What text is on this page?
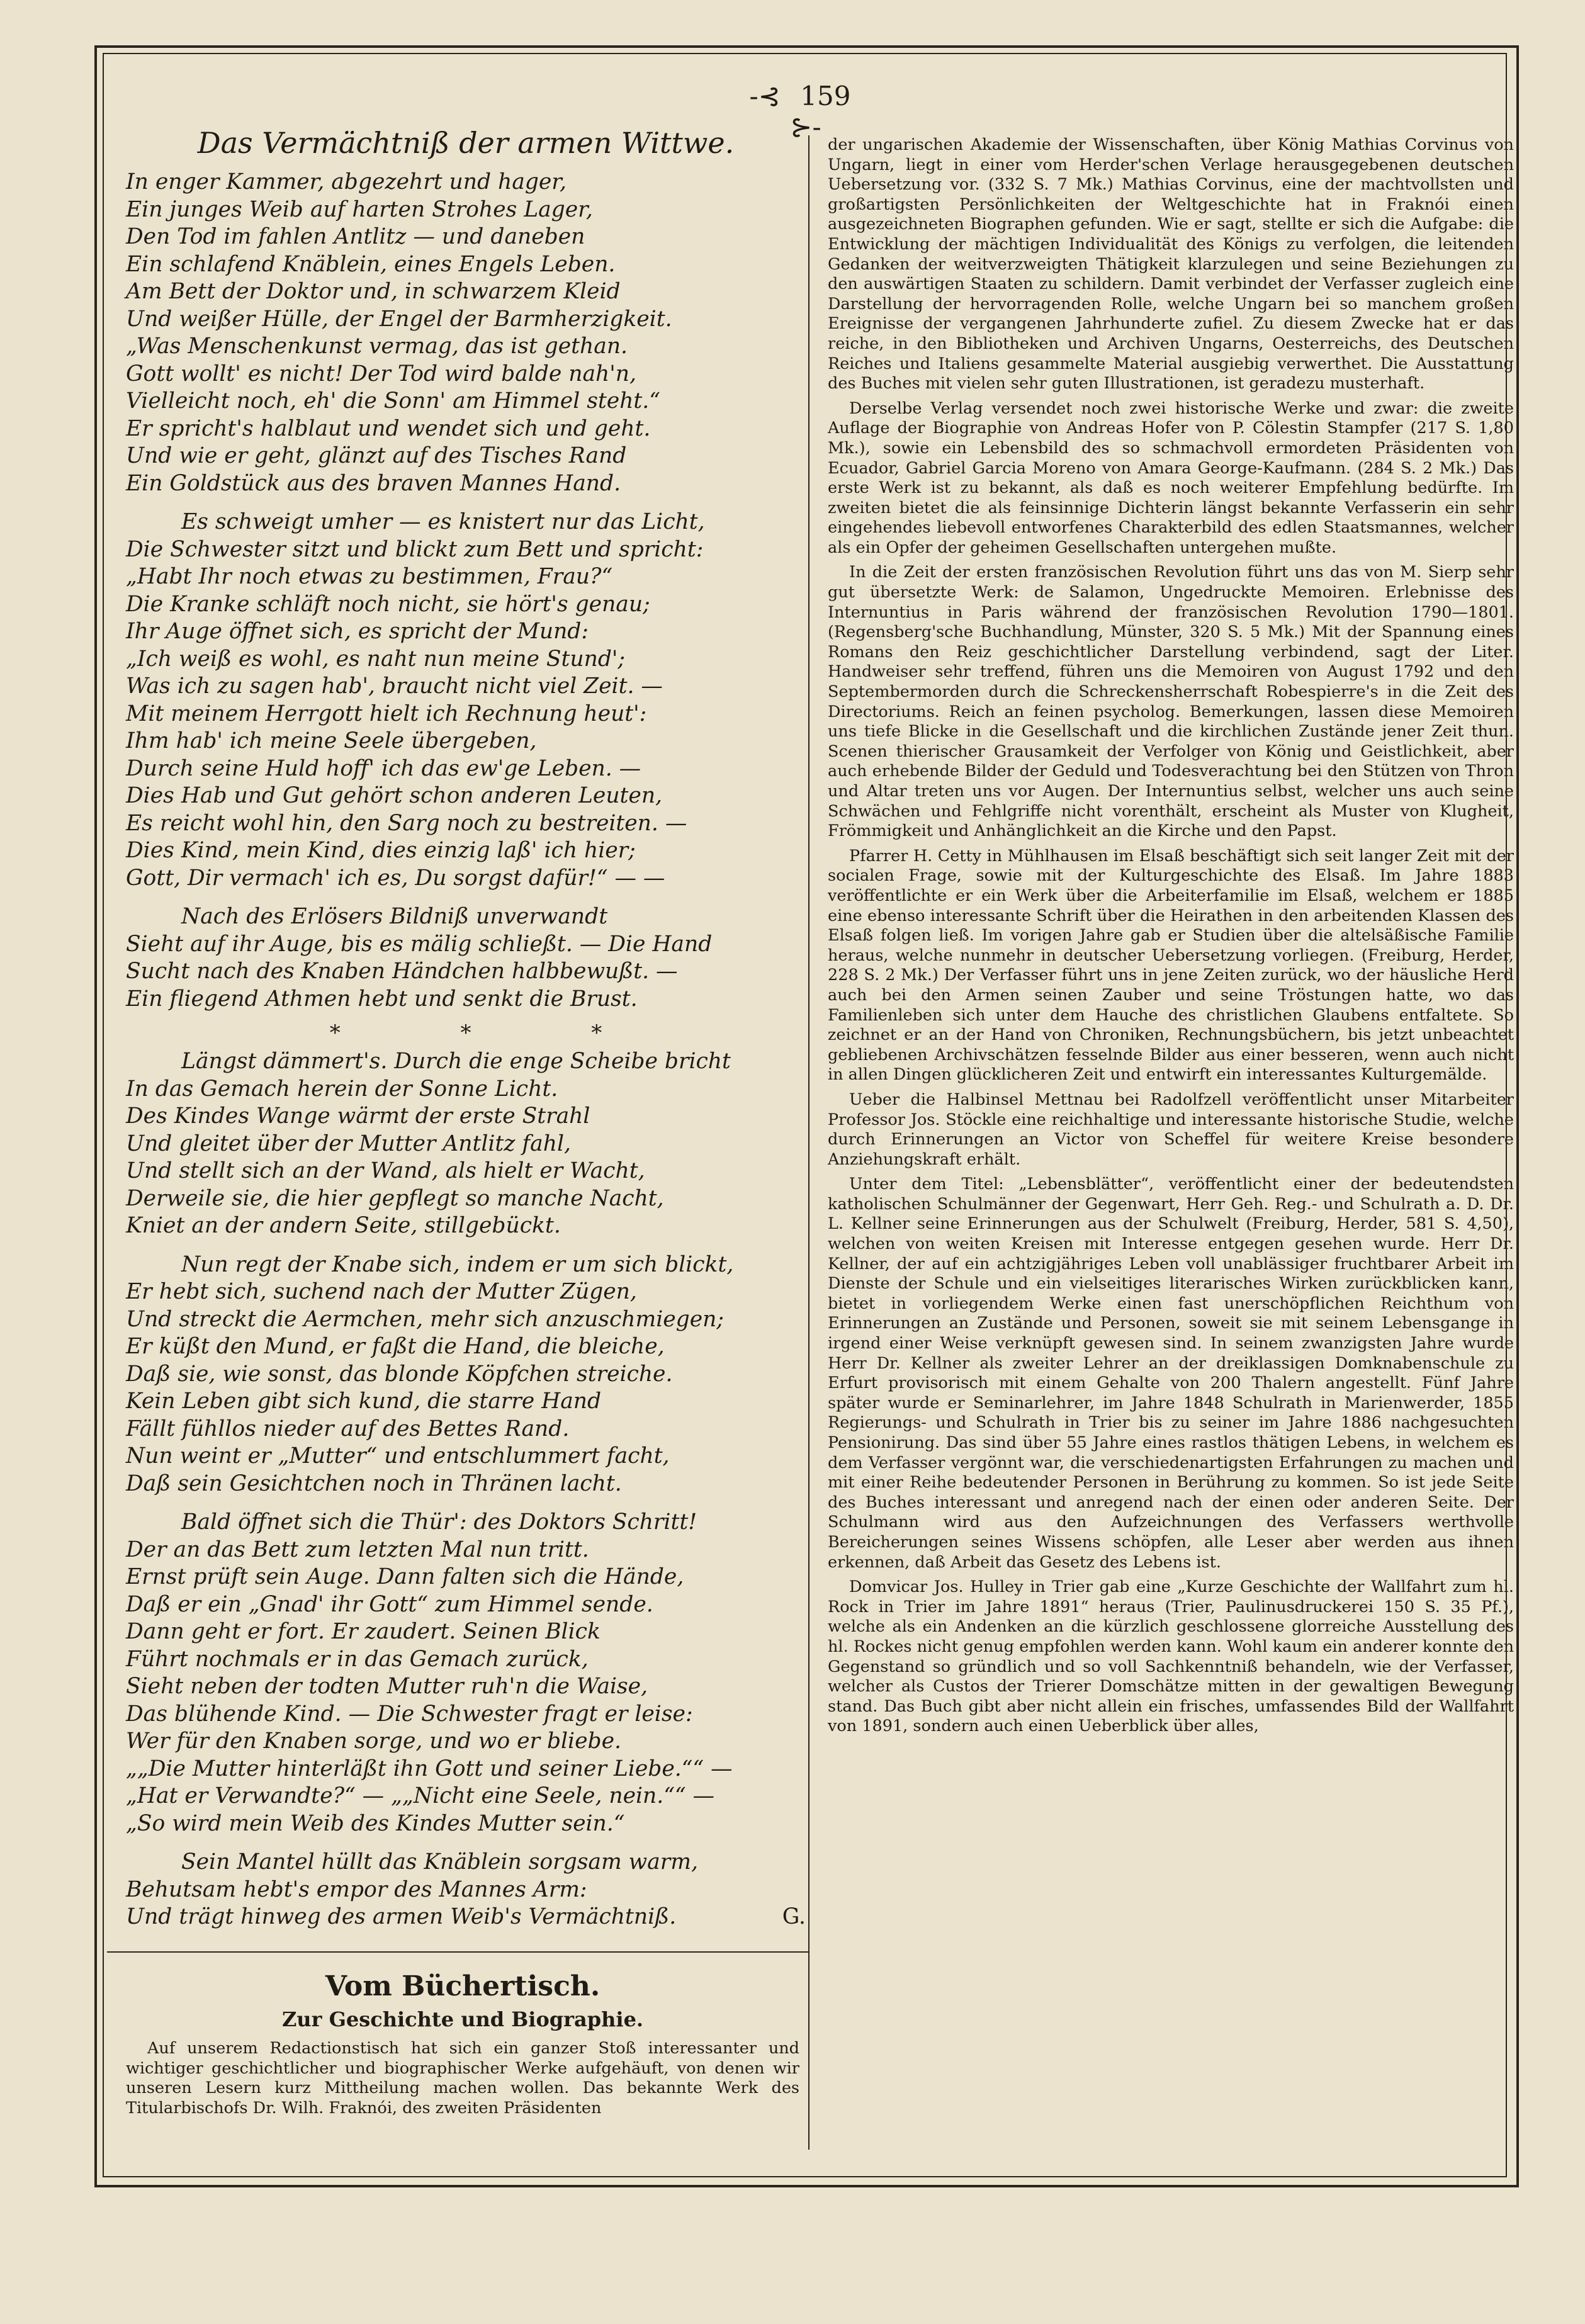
-⊰ 159 ⊱-
Das Vermächtniß der armen Wittwe.
In enger Kammer, abgezehrt und hager,
Ein junges Weib auf harten Strohes Lager,
Den Tod im fahlen Antlitz — und daneben
Ein schlafend Knäblein, eines Engels Leben.
Am Bett der Doktor und, in schwarzem Kleid
Und weißer Hülle, der Engel der Barmherzigkeit.
„Was Menschenkunst vermag, das ist gethan.
Gott wollt' es nicht! Der Tod wird balde nah'n,
Vielleicht noch, eh' die Sonn' am Himmel steht.“
Er spricht's halblaut und wendet sich und geht.
Und wie er geht, glänzt auf des Tisches Rand
Ein Goldstück aus des braven Mannes Hand.
Es schweigt umher — es knistert nur das Licht,
Die Schwester sitzt und blickt zum Bett und spricht:
„Habt Ihr noch etwas zu bestimmen, Frau?“
Die Kranke schläft noch nicht, sie hört's genau;
Ihr Auge öffnet sich, es spricht der Mund:
„Ich weiß es wohl, es naht nun meine Stund';
Was ich zu sagen hab', braucht nicht viel Zeit. —
Mit meinem Herrgott hielt ich Rechnung heut':
Ihm hab' ich meine Seele übergeben,
Durch seine Huld hoff' ich das ew'ge Leben. —
Dies Hab und Gut gehört schon anderen Leuten,
Es reicht wohl hin, den Sarg noch zu bestreiten. —
Dies Kind, mein Kind, dies einzig laß' ich hier;
Gott, Dir vermach' ich es, Du sorgst dafür!“ — —
Nach des Erlösers Bildniß unverwandt
Sieht auf ihr Auge, bis es mälig schließt. — Die Hand
Sucht nach des Knaben Händchen halbbewußt. —
Ein fliegend Athmen hebt und senkt die Brust.
* * *
Längst dämmert's. Durch die enge Scheibe bricht
In das Gemach herein der Sonne Licht.
Des Kindes Wange wärmt der erste Strahl
Und gleitet über der Mutter Antlitz fahl,
Und stellt sich an der Wand, als hielt er Wacht,
Derweile sie, die hier gepflegt so manche Nacht,
Kniet an der andern Seite, stillgebückt.
Nun regt der Knabe sich, indem er um sich blickt,
Er hebt sich, suchend nach der Mutter Zügen,
Und streckt die Aermchen, mehr sich anzuschmiegen;
Er küßt den Mund, er faßt die Hand, die bleiche,
Daß sie, wie sonst, das blonde Köpfchen streiche.
Kein Leben gibt sich kund, die starre Hand
Fällt fühllos nieder auf des Bettes Rand.
Nun weint er „Mutter“ und entschlummert facht,
Daß sein Gesichtchen noch in Thränen lacht.
Bald öffnet sich die Thür': des Doktors Schritt!
Der an das Bett zum letzten Mal nun tritt.
Ernst prüft sein Auge. Dann falten sich die Hände,
Daß er ein „Gnad' ihr Gott“ zum Himmel sende.
Dann geht er fort. Er zaudert. Seinen Blick
Führt nochmals er in das Gemach zurück,
Sieht neben der todten Mutter ruh'n die Waise,
Das blühende Kind. — Die Schwester fragt er leise:
Wer für den Knaben sorge, und wo er bliebe.
„„Die Mutter hinterläßt ihn Gott und seiner Liebe.““ —
„Hat er Verwandte?“ — „„Nicht eine Seele, nein.““ —
„So wird mein Weib des Kindes Mutter sein.“
Sein Mantel hüllt das Knäblein sorgsam warm,
Behutsam hebt's empor des Mannes Arm:
Und trägt hinweg des armen Weib's Vermächtniß.	G.
Vom Büchertisch.
Zur Geschichte und Biographie.

Auf unserem Redactionstisch hat sich ein ganzer Stoß interessanter und wichtiger geschichtlicher und biographischer Werke aufgehäuft, von denen wir unseren Lesern kurz Mittheilung machen wollen. Das bekannte Werk des Titularbischofs Dr. Wilh. Fraknói, des zweiten Präsidenten

der ungarischen Akademie der Wissenschaften, über König Mathias Corvinus von Ungarn, liegt in einer vom Herder'schen Verlage herausgegebenen deutschen Uebersetzung vor. (332 S. 7 Mk.) Mathias Corvinus, eine der machtvollsten und großartigsten Persönlichkeiten der Weltgeschichte hat in Fraknói einen ausgezeichneten Biographen gefunden. Wie er sagt, stellte er sich die Aufgabe: die Entwicklung der mächtigen Individualität des Königs zu verfolgen, die leitenden Gedanken der weitverzweigten Thätigkeit klarzulegen und seine Beziehungen zu den auswärtigen Staaten zu schildern. Damit verbindet der Verfasser zugleich eine Darstellung der hervorragenden Rolle, welche Ungarn bei so manchem großen Ereignisse der vergangenen Jahrhunderte zufiel. Zu diesem Zwecke hat er das reiche, in den Bibliotheken und Archiven Ungarns, Oesterreichs, des Deutschen Reiches und Italiens gesammelte Material ausgiebig verwerthet. Die Ausstattung des Buches mit vielen sehr guten Illustrationen, ist geradezu musterhaft.

Derselbe Verlag versendet noch zwei historische Werke und zwar: die zweite Auflage der Biographie von Andreas Hofer von P. Cölestin Stampfer (217 S. 1,80 Mk.), sowie ein Lebensbild des so schmachvoll ermordeten Präsidenten von Ecuador, Gabriel Garcia Moreno von Amara George-Kaufmann. (284 S. 2 Mk.) Das erste Werk ist zu bekannt, als daß es noch weiterer Empfehlung bedürfte. Im zweiten bietet die als feinsinnige Dichterin längst bekannte Verfasserin ein sehr eingehendes liebevoll entworfenes Charakterbild des edlen Staatsmannes, welcher als ein Opfer der geheimen Gesellschaften untergehen mußte.

In die Zeit der ersten französischen Revolution führt uns das von M. Sierp sehr gut übersetzte Werk: de Salamon, Ungedruckte Memoiren. Erlebnisse des Internuntius in Paris während der französischen Revolution 1790—1801. (Regensberg'sche Buchhandlung, Münster, 320 S. 5 Mk.) Mit der Spannung eines Romans den Reiz geschichtlicher Darstellung verbindend, sagt der Liter. Handweiser sehr treffend, führen uns die Memoiren von August 1792 und den Septembermorden durch die Schreckensherrschaft Robespierre's in die Zeit des Directoriums. Reich an feinen psycholog. Bemerkungen, lassen diese Memoiren uns tiefe Blicke in die Gesellschaft und die kirchlichen Zustände jener Zeit thun. Scenen thierischer Grausamkeit der Verfolger von König und Geistlichkeit, aber auch erhebende Bilder der Geduld und Todesverachtung bei den Stützen von Thron und Altar treten uns vor Augen. Der Internuntius selbst, welcher uns auch seine Schwächen und Fehlgriffe nicht vorenthält, erscheint als Muster von Klugheit, Frömmigkeit und Anhänglichkeit an die Kirche und den Papst.

Pfarrer H. Cetty in Mühlhausen im Elsaß beschäftigt sich seit langer Zeit mit der socialen Frage, sowie mit der Kulturgeschichte des Elsaß. Im Jahre 1883 veröffentlichte er ein Werk über die Arbeiterfamilie im Elsaß, welchem er 1885 eine ebenso interessante Schrift über die Heirathen in den arbeitenden Klassen des Elsaß folgen ließ. Im vorigen Jahre gab er Studien über die altelsäßische Familie heraus, welche nunmehr in deutscher Uebersetzung vorliegen. (Freiburg, Herder, 228 S. 2 Mk.) Der Verfasser führt uns in jene Zeiten zurück, wo der häusliche Herd auch bei den Armen seinen Zauber und seine Tröstungen hatte, wo das Familienleben sich unter dem Hauche des christlichen Glaubens entfaltete. So zeichnet er an der Hand von Chroniken, Rechnungsbüchern, bis jetzt unbeachtet gebliebenen Archivschätzen fesselnde Bilder aus einer besseren, wenn auch nicht in allen Dingen glücklicheren Zeit und entwirft ein interessantes Kulturgemälde.

Ueber die Halbinsel Mettnau bei Radolfzell veröffentlicht unser Mitarbeiter Professor Jos. Stöckle eine reichhaltige und interessante historische Studie, welche durch Erinnerungen an Victor von Scheffel für weitere Kreise besondere Anziehungskraft erhält.

Unter dem Titel: „Lebensblätter“, veröffentlicht einer der bedeutendsten katholischen Schulmänner der Gegenwart, Herr Geh. Reg.- und Schulrath a. D. Dr. L. Kellner seine Erinnerungen aus der Schulwelt (Freiburg, Herder, 581 S. 4,50), welchen von weiten Kreisen mit Interesse entgegen gesehen wurde. Herr Dr. Kellner, der auf ein achtzigjähriges Leben voll unablässiger fruchtbarer Arbeit im Dienste der Schule und ein vielseitiges literarisches Wirken zurückblicken kann, bietet in vorliegendem Werke einen fast unerschöpflichen Reichthum von Erinnerungen an Zustände und Personen, soweit sie mit seinem Lebensgange in irgend einer Weise verknüpft gewesen sind. In seinem zwanzigsten Jahre wurde Herr Dr. Kellner als zweiter Lehrer an der dreiklassigen Domknabenschule zu Erfurt provisorisch mit einem Gehalte von 200 Thalern angestellt. Fünf Jahre später wurde er Seminarlehrer, im Jahre 1848 Schulrath in Marienwerder, 1855 Regierungs- und Schulrath in Trier bis zu seiner im Jahre 1886 nachgesuchten Pensionirung. Das sind über 55 Jahre eines rastlos thätigen Lebens, in welchem es dem Verfasser vergönnt war, die verschiedenartigsten Erfahrungen zu machen und mit einer Reihe bedeutender Personen in Berührung zu kommen. So ist jede Seite des Buches interessant und anregend nach der einen oder anderen Seite. Der Schulmann wird aus den Aufzeichnungen des Verfassers werthvolle Bereicherungen seines Wissens schöpfen, alle Leser aber werden aus ihnen erkennen, daß Arbeit das Gesetz des Lebens ist.

Domvicar Jos. Hulley in Trier gab eine „Kurze Geschichte der Wallfahrt zum hl. Rock in Trier im Jahre 1891“ heraus (Trier, Paulinusdruckerei 150 S. 35 Pf.), welche als ein Andenken an die kürzlich geschlossene glorreiche Ausstellung des hl. Rockes nicht genug empfohlen werden kann. Wohl kaum ein anderer konnte den Gegenstand so gründlich und so voll Sachkenntniß behandeln, wie der Verfasser, welcher als Custos der Trierer Domschätze mitten in der gewaltigen Bewegung stand. Das Buch gibt aber nicht allein ein frisches, umfassendes Bild der Wallfahrt von 1891, sondern auch einen Ueberblick über alles,
